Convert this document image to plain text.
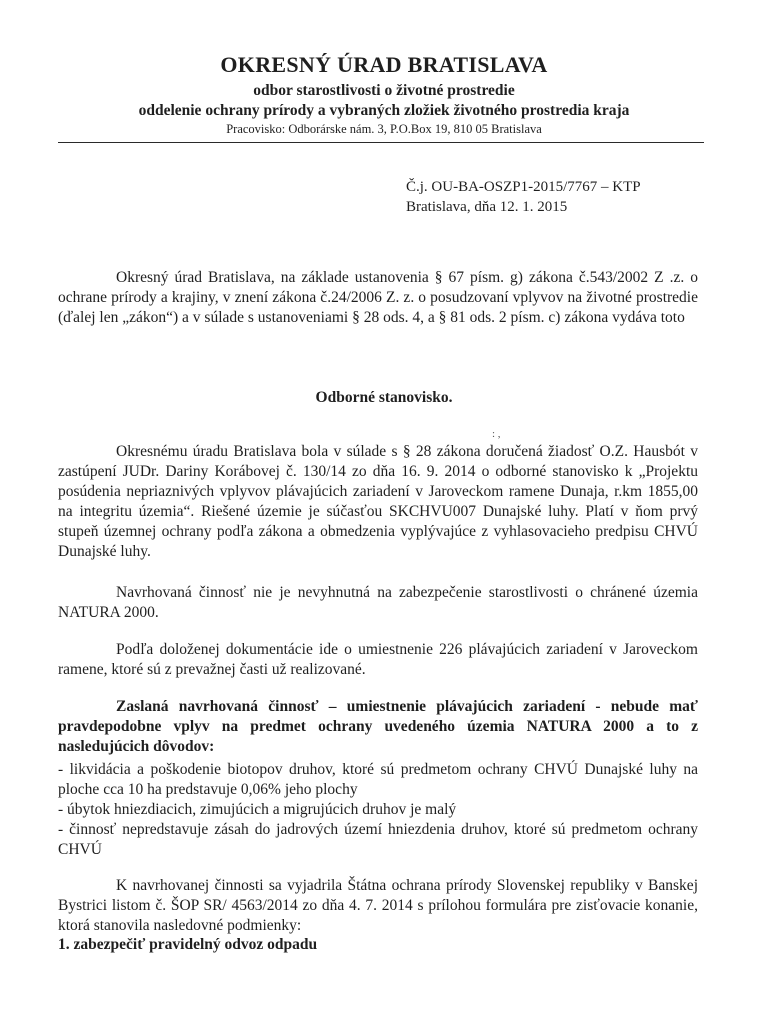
OKRESNÝ ÚRAD BRATISLAVA
odbor starostlivosti o životné prostredie
oddelenie ochrany prírody a vybraných zložiek životného prostredia kraja
Pracovisko: Odborárske nám. 3, P.O.Box 19, 810 05 Bratislava
Č.j. OU-BA-OSZP1-2015/7767 – KTP
Bratislava, dňa 12. 1. 2015
Okresný úrad Bratislava, na základe ustanovenia § 67 písm. g) zákona č.543/2002 Z .z. o ochrane prírody a krajiny, v znení zákona č.24/2006 Z. z. o posudzovaní vplyvov na životné prostredie (ďalej len „zákon“) a v súlade s ustanoveniami § 28 ods. 4, a § 81 ods. 2 písm. c) zákona vydáva toto
Odborné stanovisko.
: ,
Okresnému úradu Bratislava bola v súlade s § 28 zákona doručená žiadosť O.Z. Hausbót v zastúpení JUDr. Dariny Korábovej č. 130/14 zo dňa 16. 9. 2014 o odborné stanovisko k „Projektu posúdenia nepriaznivých vplyvov plávajúcich zariadení v Jaroveckom ramene Dunaja, r.km 1855,00 na integritu územia“. Riešené územie je súčasťou SKCHVU007 Dunajské luhy. Platí v ňom prvý stupeň územnej ochrany podľa zákona a obmedzenia vyplývajúce z vyhlasovacieho predpisu CHVÚ Dunajské luhy.
Navrhovaná činnosť nie je nevyhnutná na zabezpečenie starostlivosti o chránené územia NATURA 2000.
Podľa doloženej dokumentácie ide o umiestnenie 226 plávajúcich zariadení v Jaroveckom ramene, ktoré sú z prevažnej časti už realizované.
Zaslaná navrhovaná činnosť – umiestnenie plávajúcich zariadení - nebude mať pravdepodobne vplyv na predmet ochrany uvedeného územia NATURA 2000 a to z nasledujúcich dôvodov:
- likvidácia a poškodenie biotopov druhov, ktoré sú predmetom ochrany CHVÚ Dunajské luhy na ploche cca 10 ha predstavuje 0,06% jeho plochy
- úbytok hniezdiacich, zimujúcich a migrujúcich druhov je malý
- činnosť nepredstavuje zásah do jadrových území hniezdenia druhov, ktoré sú predmetom ochrany CHVÚ
K navrhovanej činnosti sa vyjadrila Štátna ochrana prírody Slovenskej republiky v Banskej Bystrici listom č. ŠOP SR/ 4563/2014 zo dňa 4. 7. 2014 s prílohou formulára pre zisťovacie konanie, ktorá stanovila nasledovné podmienky:
1. zabezpečiť pravidelný odvoz odpadu
